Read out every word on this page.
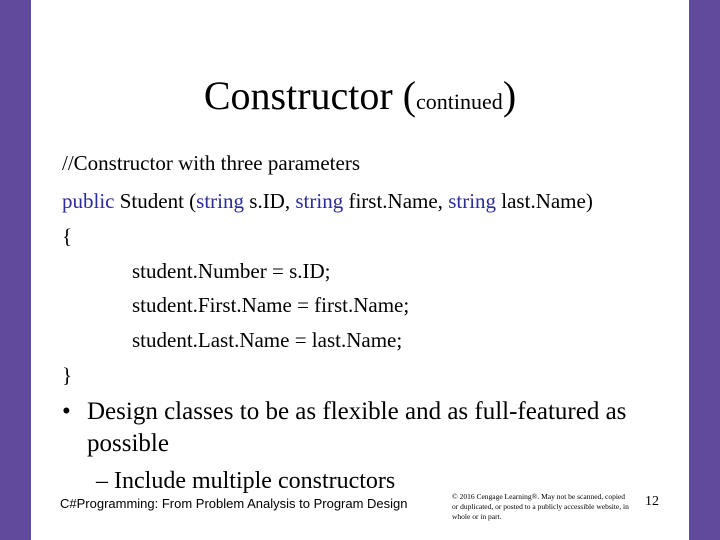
Constructor (continued)
//Constructor with three parameters
public Student (string s.ID, string first.Name, string last.Name)
{
student.Number = s.ID;
student.First.Name = first.Name;
student.Last.Name = last.Name;
}
• Design classes to be as flexible and as full-featured as possible
– Include multiple constructors
C#Programming: From Problem Analysis to Program Design	© 2016 Cengage Learning®. May not be scanned, copied or duplicated, or posted to a publicly accessible website, in whole or in part.
12
